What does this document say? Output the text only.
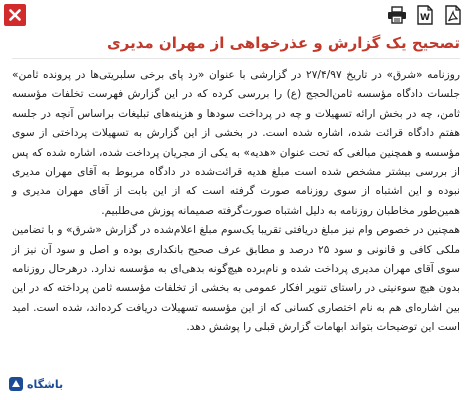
W
تصحیح یک گزارش و عذرخواهی از مهران مدیری

روزنامه «شرق» در تاریخ ۲۷/۴/۹۷ در گزارشی با عنوان «رد پای برخی سلبریتی‌ها در پرونده ثامن» جلسات دادگاه مؤسسه ثامن‌الحجج (ع) را بررسی کرده که در این گزارش فهرست تخلفات مؤسسه ثامن، چه در بخش ارائه تسهیلات و چه در پرداخت سودها و هزینه‌های تبلیغات براساس آنچه در جلسه هفتم دادگاه قرائت شده، اشاره شده است. در بخشی از این گزارش به تسهیلات پرداختی از سوی مؤسسه و همچنین مبالغی که تحت عنوان «هدیه» به یکی از مجریان پرداخت شده، اشاره شده که پس از بررسی بیشتر مشخص شده است مبلغ هدیه قرائت‌شده در دادگاه مربوط به آقای مهران مدیری نبوده و این اشتباه از سوی روزنامه صورت گرفته است که از این بابت از آقای مهران مدیری و همین‌طور مخاطبان روزنامه به دلیل اشتباه صورت‌گرفته صمیمانه پوزش می‌طلبیم.

همچنین در خصوص وام نیز مبلغ دریافتی تقریبا یک‌سوم مبلغ اعلام‌شده در گزارش «شرق» و با تضامین ملکی کافی و قانونی و سود ۲۵ درصد و مطابق عرف صحیح بانکداری بوده و اصل و سود آن نیز از سوی آقای مهران مدیری پرداخت شده و نام‌برده هیچ‌گونه بدهی‌ای به مؤسسه ندارد. درهرحال روزنامه بدون هیچ سوءنیتی در راستای تنویر افکار عمومی به بخشی از تخلفات مؤسسه ثامن پرداخته که در این بین اشاره‌ای هم به نام اختصاری کسانی که از این مؤسسه تسهیلات دریافت کرده‌اند، شده است. امید است این توضیحات بتواند ابهامات گزارش قبلی را پوشش دهد.

باشگاه
